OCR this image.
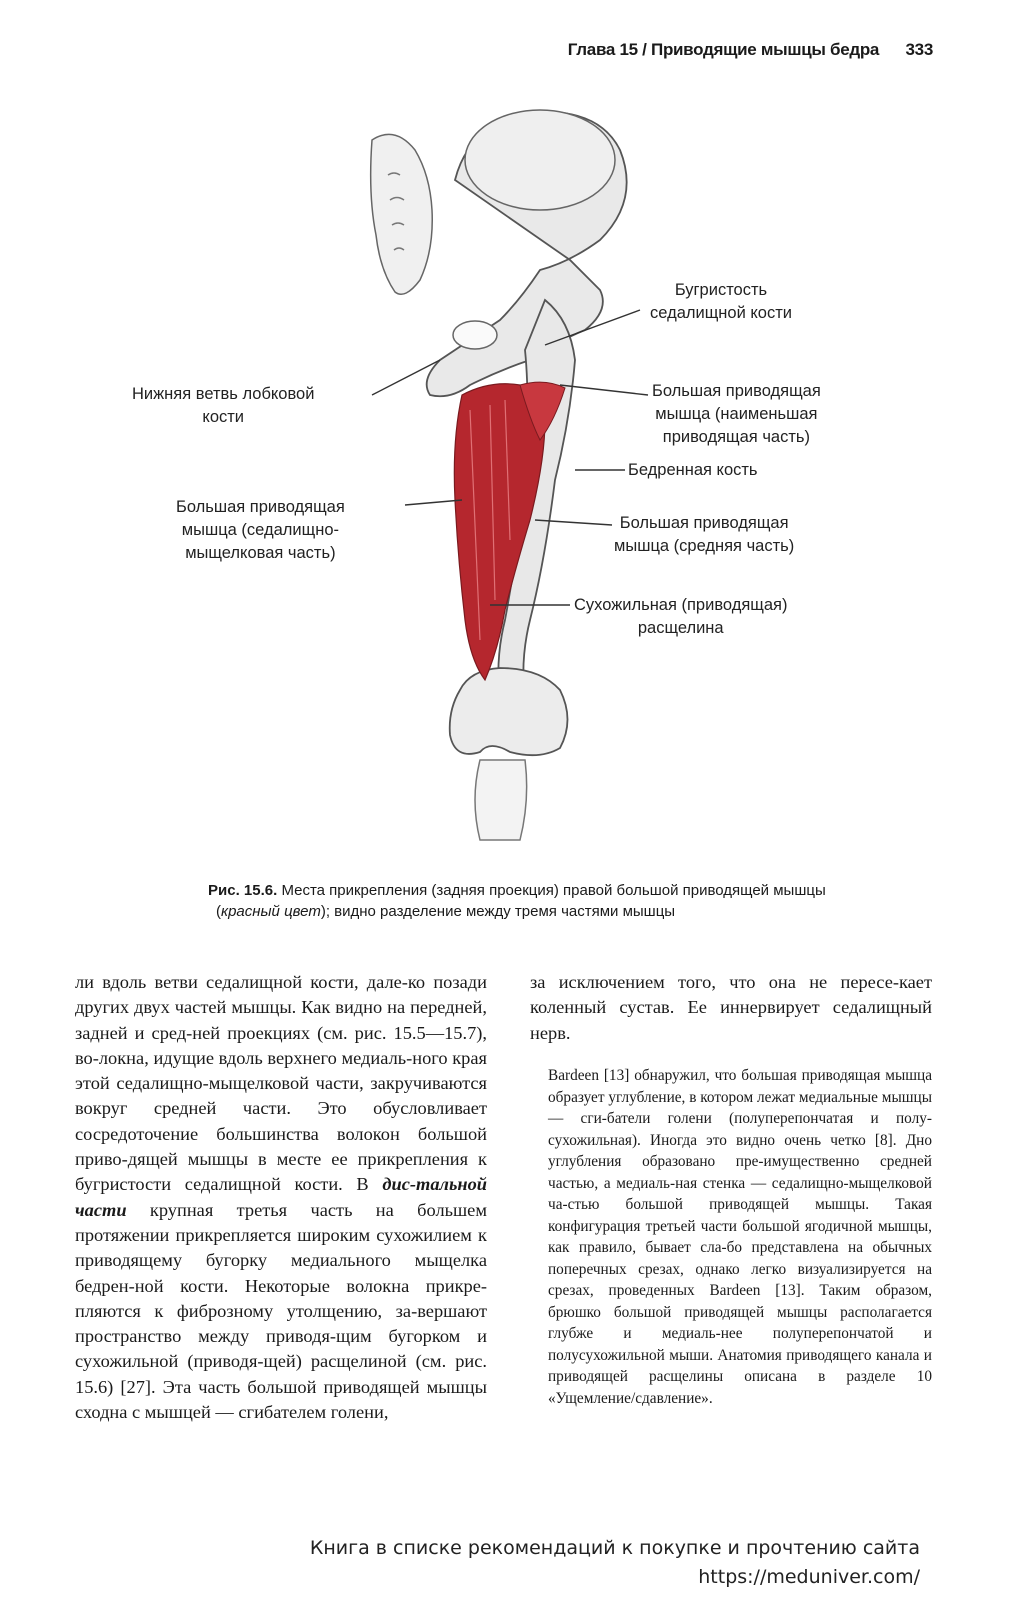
Глава 15 / Приводящие мышцы бедра 333
Бугристость
седалищной кости
Нижняя ветвь лобковой
кости
Большая приводящая
мышца (наименьшая
приводящая часть)
Бедренная кость
Большая приводящая
мышца (седалищно-
мыщелковая часть)
Большая приводящая
мышца (средняя часть)
Сухожильная (приводящая)
расщелина
Рис. 15.6. Места прикрепления (задняя проекция) правой большой приводящей мышцы
(красный цвет); видно разделение между тремя частями мышцы

ли вдоль ветви седалищной кости, дале-ко позади других двух частей мышцы. Как видно на передней, задней и сред-ней проекциях (см. рис. 15.5—15.7), во-локна, идущие вдоль верхнего медиаль-ного края этой седалищно-мыщелковой части, закручиваются вокруг средней части. Это обусловливает сосредоточение большинства волокон большой приво-дящей мышцы в месте ее прикрепления к бугристости седалищной кости. В дис-тальной части крупная третья часть на большем протяжении прикрепляется широким сухожилием к приводящему бугорку медиального мыщелка бедрен-ной кости. Некоторые волокна прикре-пляются к фиброзному утолщению, за-вершают пространство между приводя-щим бугорком и сухожильной (приводя-щей) расщелиной (см. рис. 15.6) [27]. Эта часть большой приводящей мышцы сходна с мышцей — сгибателем голени,

за исключением того, что она не пересе-кает коленный сустав. Ее иннервирует седалищный нерв.

Bardeen [13] обнаружил, что большая приводящая мышца образует углубление, в котором лежат медиальные мышцы — сги-батели голени (полуперепончатая и полу-сухожильная). Иногда это видно очень четко [8]. Дно углубления образовано пре-имущественно средней частью, а медиаль-ная стенка — седалищно-мыщелковой ча-стью большой приводящей мышцы. Такая конфигурация третьей части большой ягодичной мышцы, как правило, бывает сла-бо представлена на обычных поперечных срезах, однако легко визуализируется на срезах, проведенных Bardeen [13]. Таким образом, брюшко большой приводящей мышцы располагается глубже и медиаль-нее полуперепончатой и полусухожильной мыши. Анатомия приводящего канала и приводящей расщелины описана в разделе 10 «Ущемление/сдавление».

Книга в списке рекомендаций к покупке и прочтению сайта https://meduniver.com/
